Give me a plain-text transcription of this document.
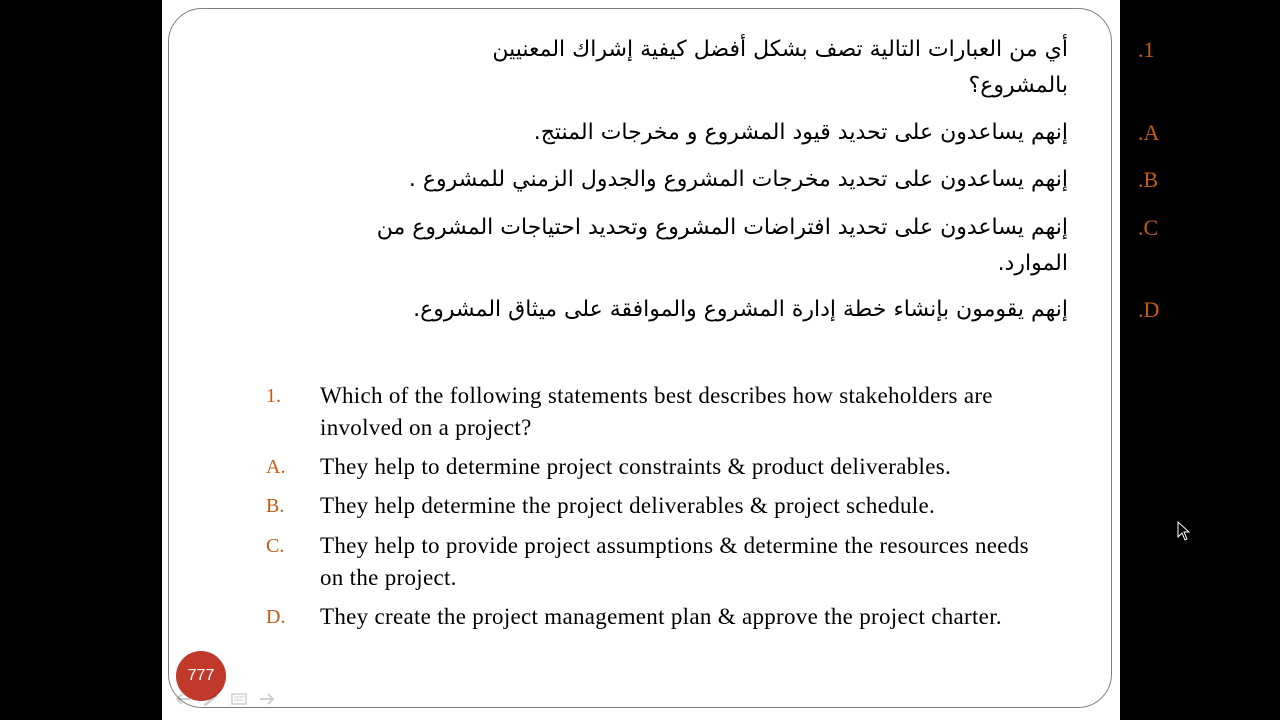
أي من العبارات التالية تصف بشكل أفضل كيفية إشراك المعنيين بالمشروع؟
.1
إنهم يساعدون على تحديد قيود المشروع و مخرجات المنتج.	.A
إنهم يساعدون على تحديد مخرجات المشروع والجدول الزمني للمشروع .	.B
إنهم يساعدون على تحديد افتراضات المشروع وتحديد احتياجات المشروع من الموارد.
.C
إنهم يقومون بإنشاء خطة إدارة المشروع والموافقة على ميثاق المشروع.	.D
1.	Which of the following statements best describes how stakeholders are involved on a project?
A.	They help to determine project constraints & product deliverables.
B.	They help determine the project deliverables & project schedule.
C.	They help to provide project assumptions & determine the resources needs on the project.
D.	They create the project management plan & approve the project charter.
777
